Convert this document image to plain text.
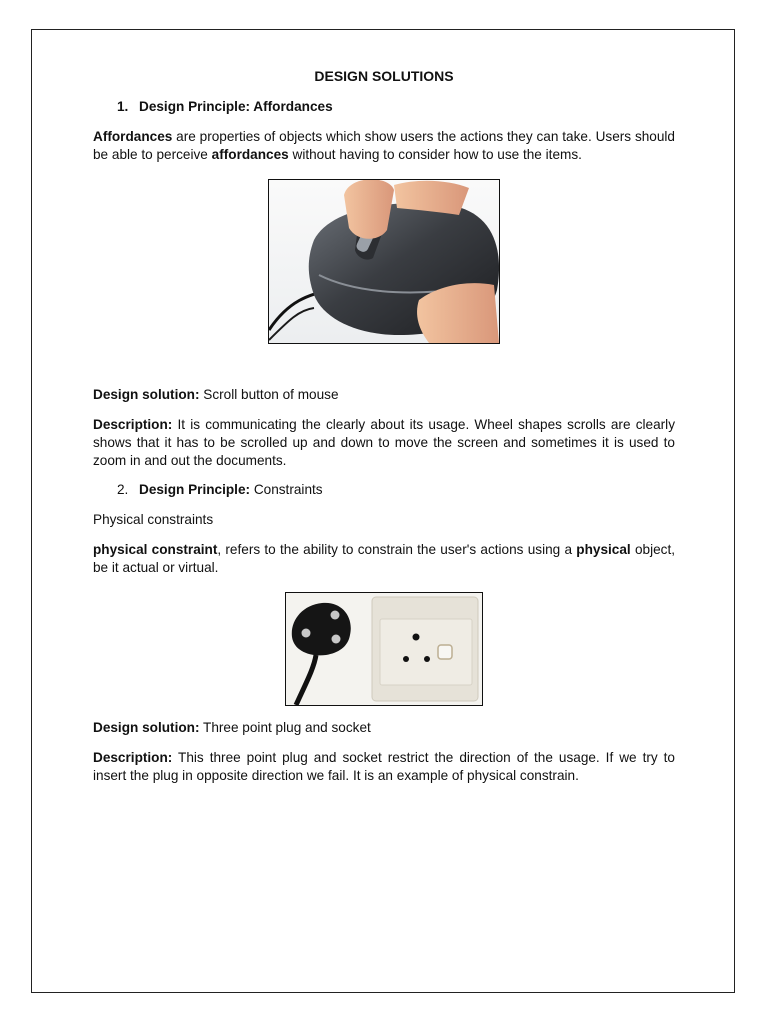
DESIGN SOLUTIONS

1. Design Principle: Affordances

Affordances are properties of objects which show users the actions they can take. Users should be able to perceive affordances without having to consider how to use the items.

Design solution: Scroll button of mouse

Description: It is communicating the clearly about its usage. Wheel shapes scrolls are clearly shows that it has to be scrolled up and down to move the screen and sometimes it is used to zoom in and out the documents.

2. Design Principle: Constraints

Physical constraints

physical constraint, refers to the ability to constrain the user's actions using a physical object, be it actual or virtual.

Design solution: Three point plug and socket

Description: This three point plug and socket restrict the direction of the usage. If we try to insert the plug in opposite direction we fail. It is an example of physical constrain.
